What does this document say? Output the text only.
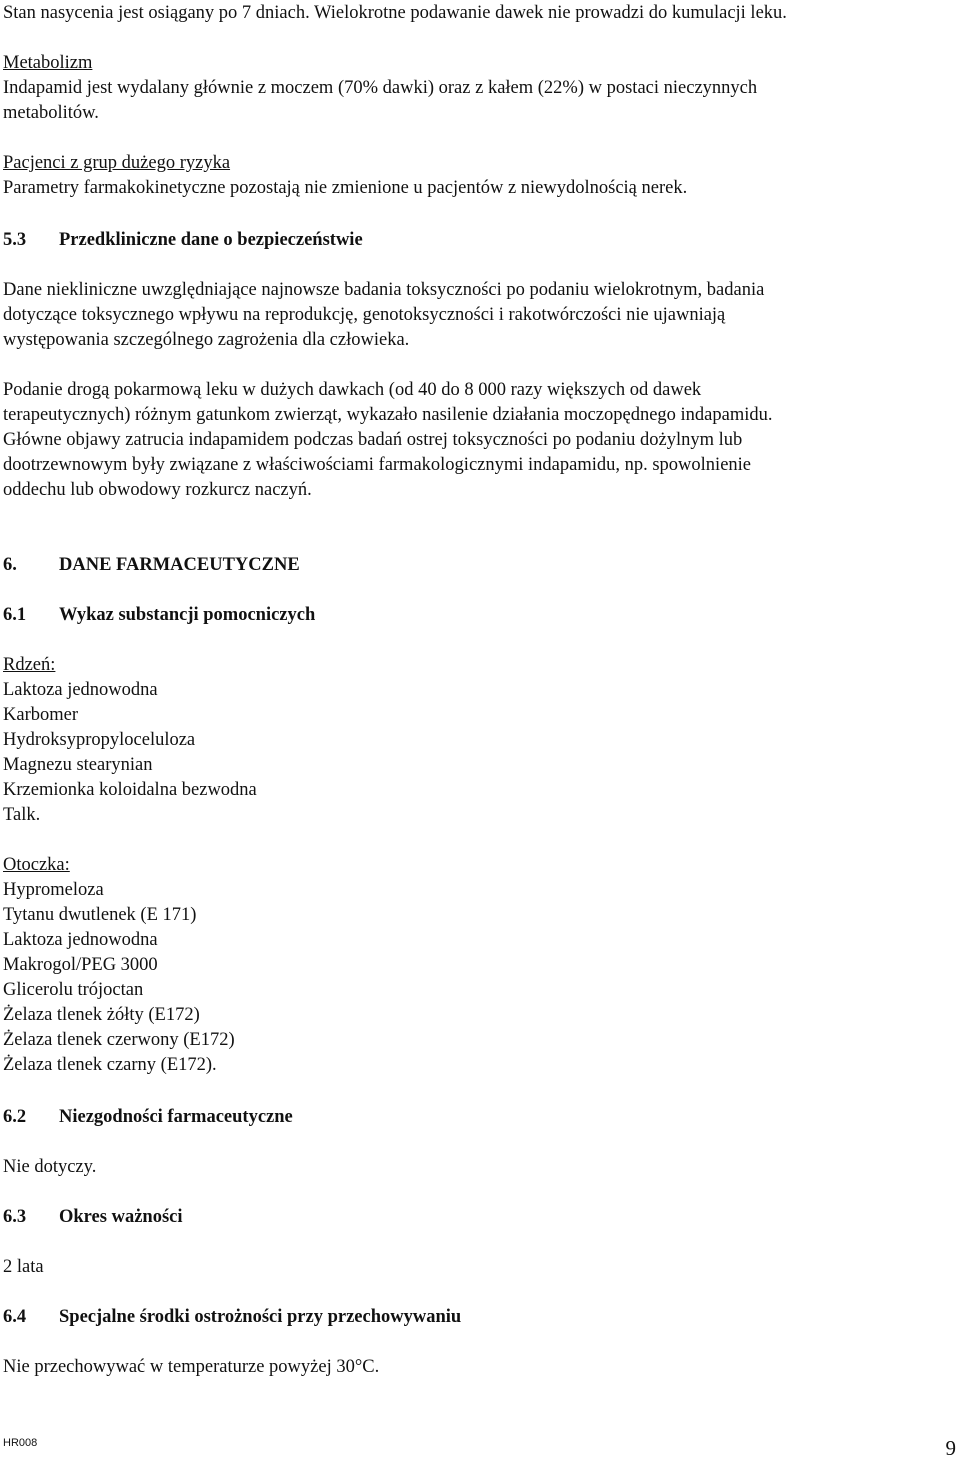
Stan nasycenia jest osiągany po 7 dniach. Wielokrotne podawanie dawek nie prowadzi do kumulacji leku.
Metabolizm
Indapamid jest wydalany głównie z moczem (70% dawki) oraz z kałem (22%) w postaci nieczynnych
metabolitów.
Pacjenci z grup dużego ryzyka
Parametry farmakokinetyczne pozostają nie zmienione u pacjentów z niewydolnością nerek.
5.3 Przedkliniczne dane o bezpieczeństwie
Dane niekliniczne uwzględniające najnowsze badania toksyczności po podaniu wielokrotnym, badania
dotyczące toksycznego wpływu na reprodukcję, genotoksyczności i rakotwórczości nie ujawniają
występowania szczególnego zagrożenia dla człowieka.
Podanie drogą pokarmową leku w dużych dawkach (od 40 do 8 000 razy większych od dawek
terapeutycznych) różnym gatunkom zwierząt, wykazało nasilenie działania moczopędnego indapamidu.
Główne objawy zatrucia indapamidem podczas badań ostrej toksyczności po podaniu dożylnym lub
dootrzewnowym były związane z właściwościami farmakologicznymi indapamidu, np. spowolnienie
oddechu lub obwodowy rozkurcz naczyń.
6. DANE FARMACEUTYCZNE
6.1 Wykaz substancji pomocniczych
Rdzeń:
Laktoza jednowodna
Karbomer
Hydroksypropyloceluloza
Magnezu stearynian
Krzemionka koloidalna bezwodna
Talk.
Otoczka:
Hypromeloza
Tytanu dwutlenek (E 171)
Laktoza jednowodna
Makrogol/PEG 3000
Glicerolu trójoctan
Żelaza tlenek żółty (E172)
Żelaza tlenek czerwony (E172)
Żelaza tlenek czarny (E172).
6.2 Niezgodności farmaceutyczne
Nie dotyczy.
6.3 Okres ważności
2 lata
6.4 Specjalne środki ostrożności przy przechowywaniu
Nie przechowywać w temperaturze powyżej 30°C.
HR008	9
